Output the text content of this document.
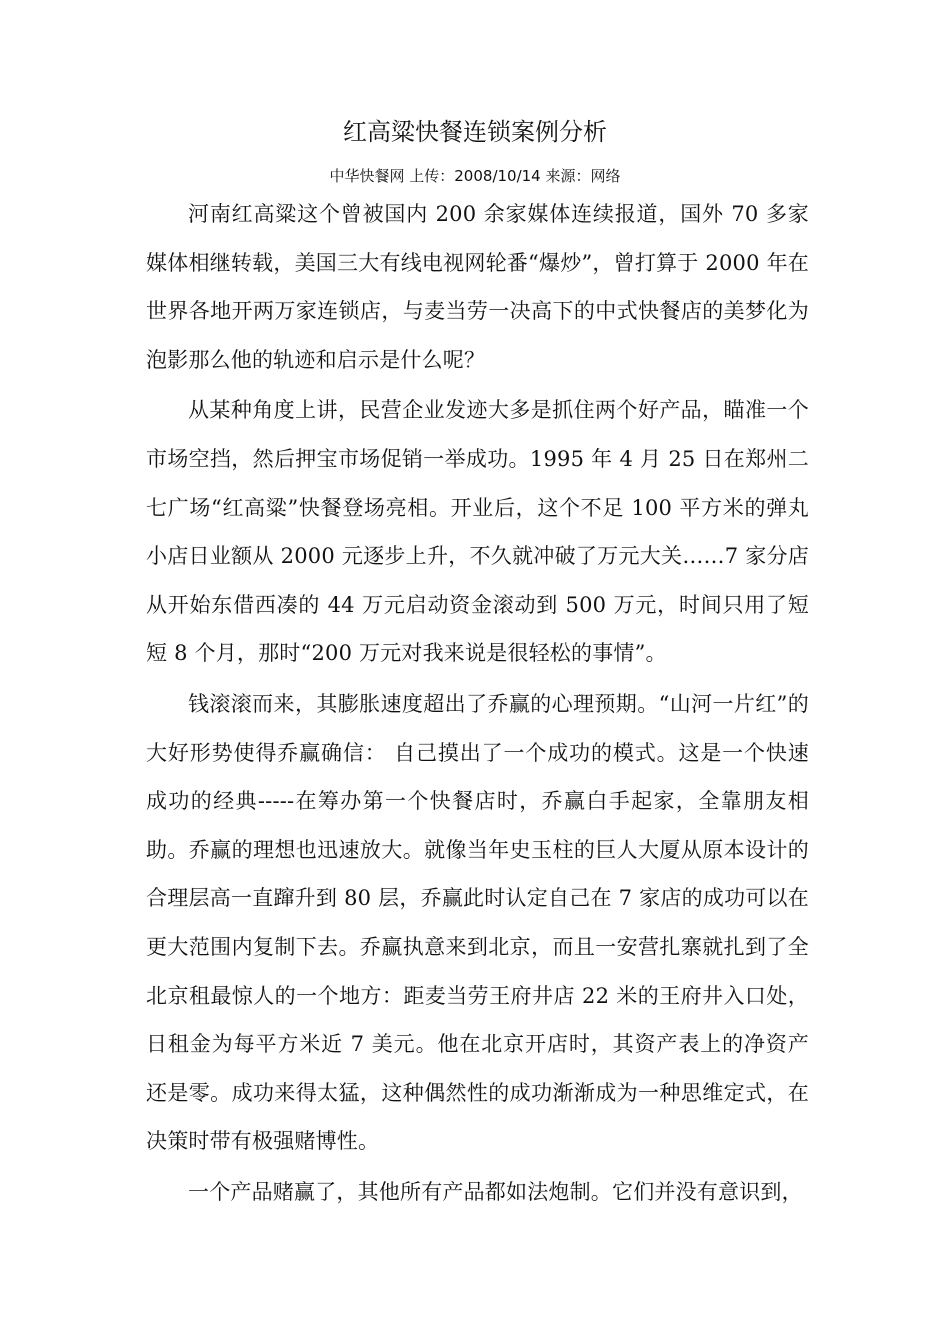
红高粱快餐连锁案例分析
中华快餐网 上传：2008/10/14 来源：网络

河南红高粱这个曾被国内 200 余家媒体连续报道，国外 70 多家媒体相继转载，美国三大有线电视网轮番“爆炒”，曾打算于 2000 年在世界各地开两万家连锁店，与麦当劳一决高下的中式快餐店的美梦化为泡影那么他的轨迹和启示是什么呢？

从某种角度上讲，民营企业发迹大多是抓住两个好产品，瞄准一个市场空挡，然后押宝市场促销一举成功。1995 年 4 月 25 日在郑州二七广场“红高粱”快餐登场亮相。开业后，这个不足 100 平方米的弹丸小店日业额从 2000 元逐步上升，不久就冲破了万元大关……7 家分店从开始东借西凑的 44 万元启动资金滚动到 500 万元，时间只用了短短 8 个月，那时“200 万元对我来说是很轻松的事情”。

钱滚滚而来，其膨胀速度超出了乔赢的心理预期。“山河一片红”的大好形势使得乔赢确信： 自己摸出了一个成功的模式。这是一个快速成功的经典-----在筹办第一个快餐店时，乔赢白手起家，全靠朋友相助。乔赢的理想也迅速放大。就像当年史玉柱的巨人大厦从原本设计的合理层高一直蹿升到 80 层，乔赢此时认定自己在 7 家店的成功可以在更大范围内复制下去。乔赢执意来到北京，而且一安营扎寨就扎到了全北京租最惊人的一个地方：距麦当劳王府井店 22 米的王府井入口处，日租金为每平方米近 7 美元。他在北京开店时，其资产表上的净资产还是零。成功来得太猛，这种偶然性的成功渐渐成为一种思维定式，在决策时带有极强赌博性。

一个产品赌赢了，其他所有产品都如法炮制。它们并没有意识到，
